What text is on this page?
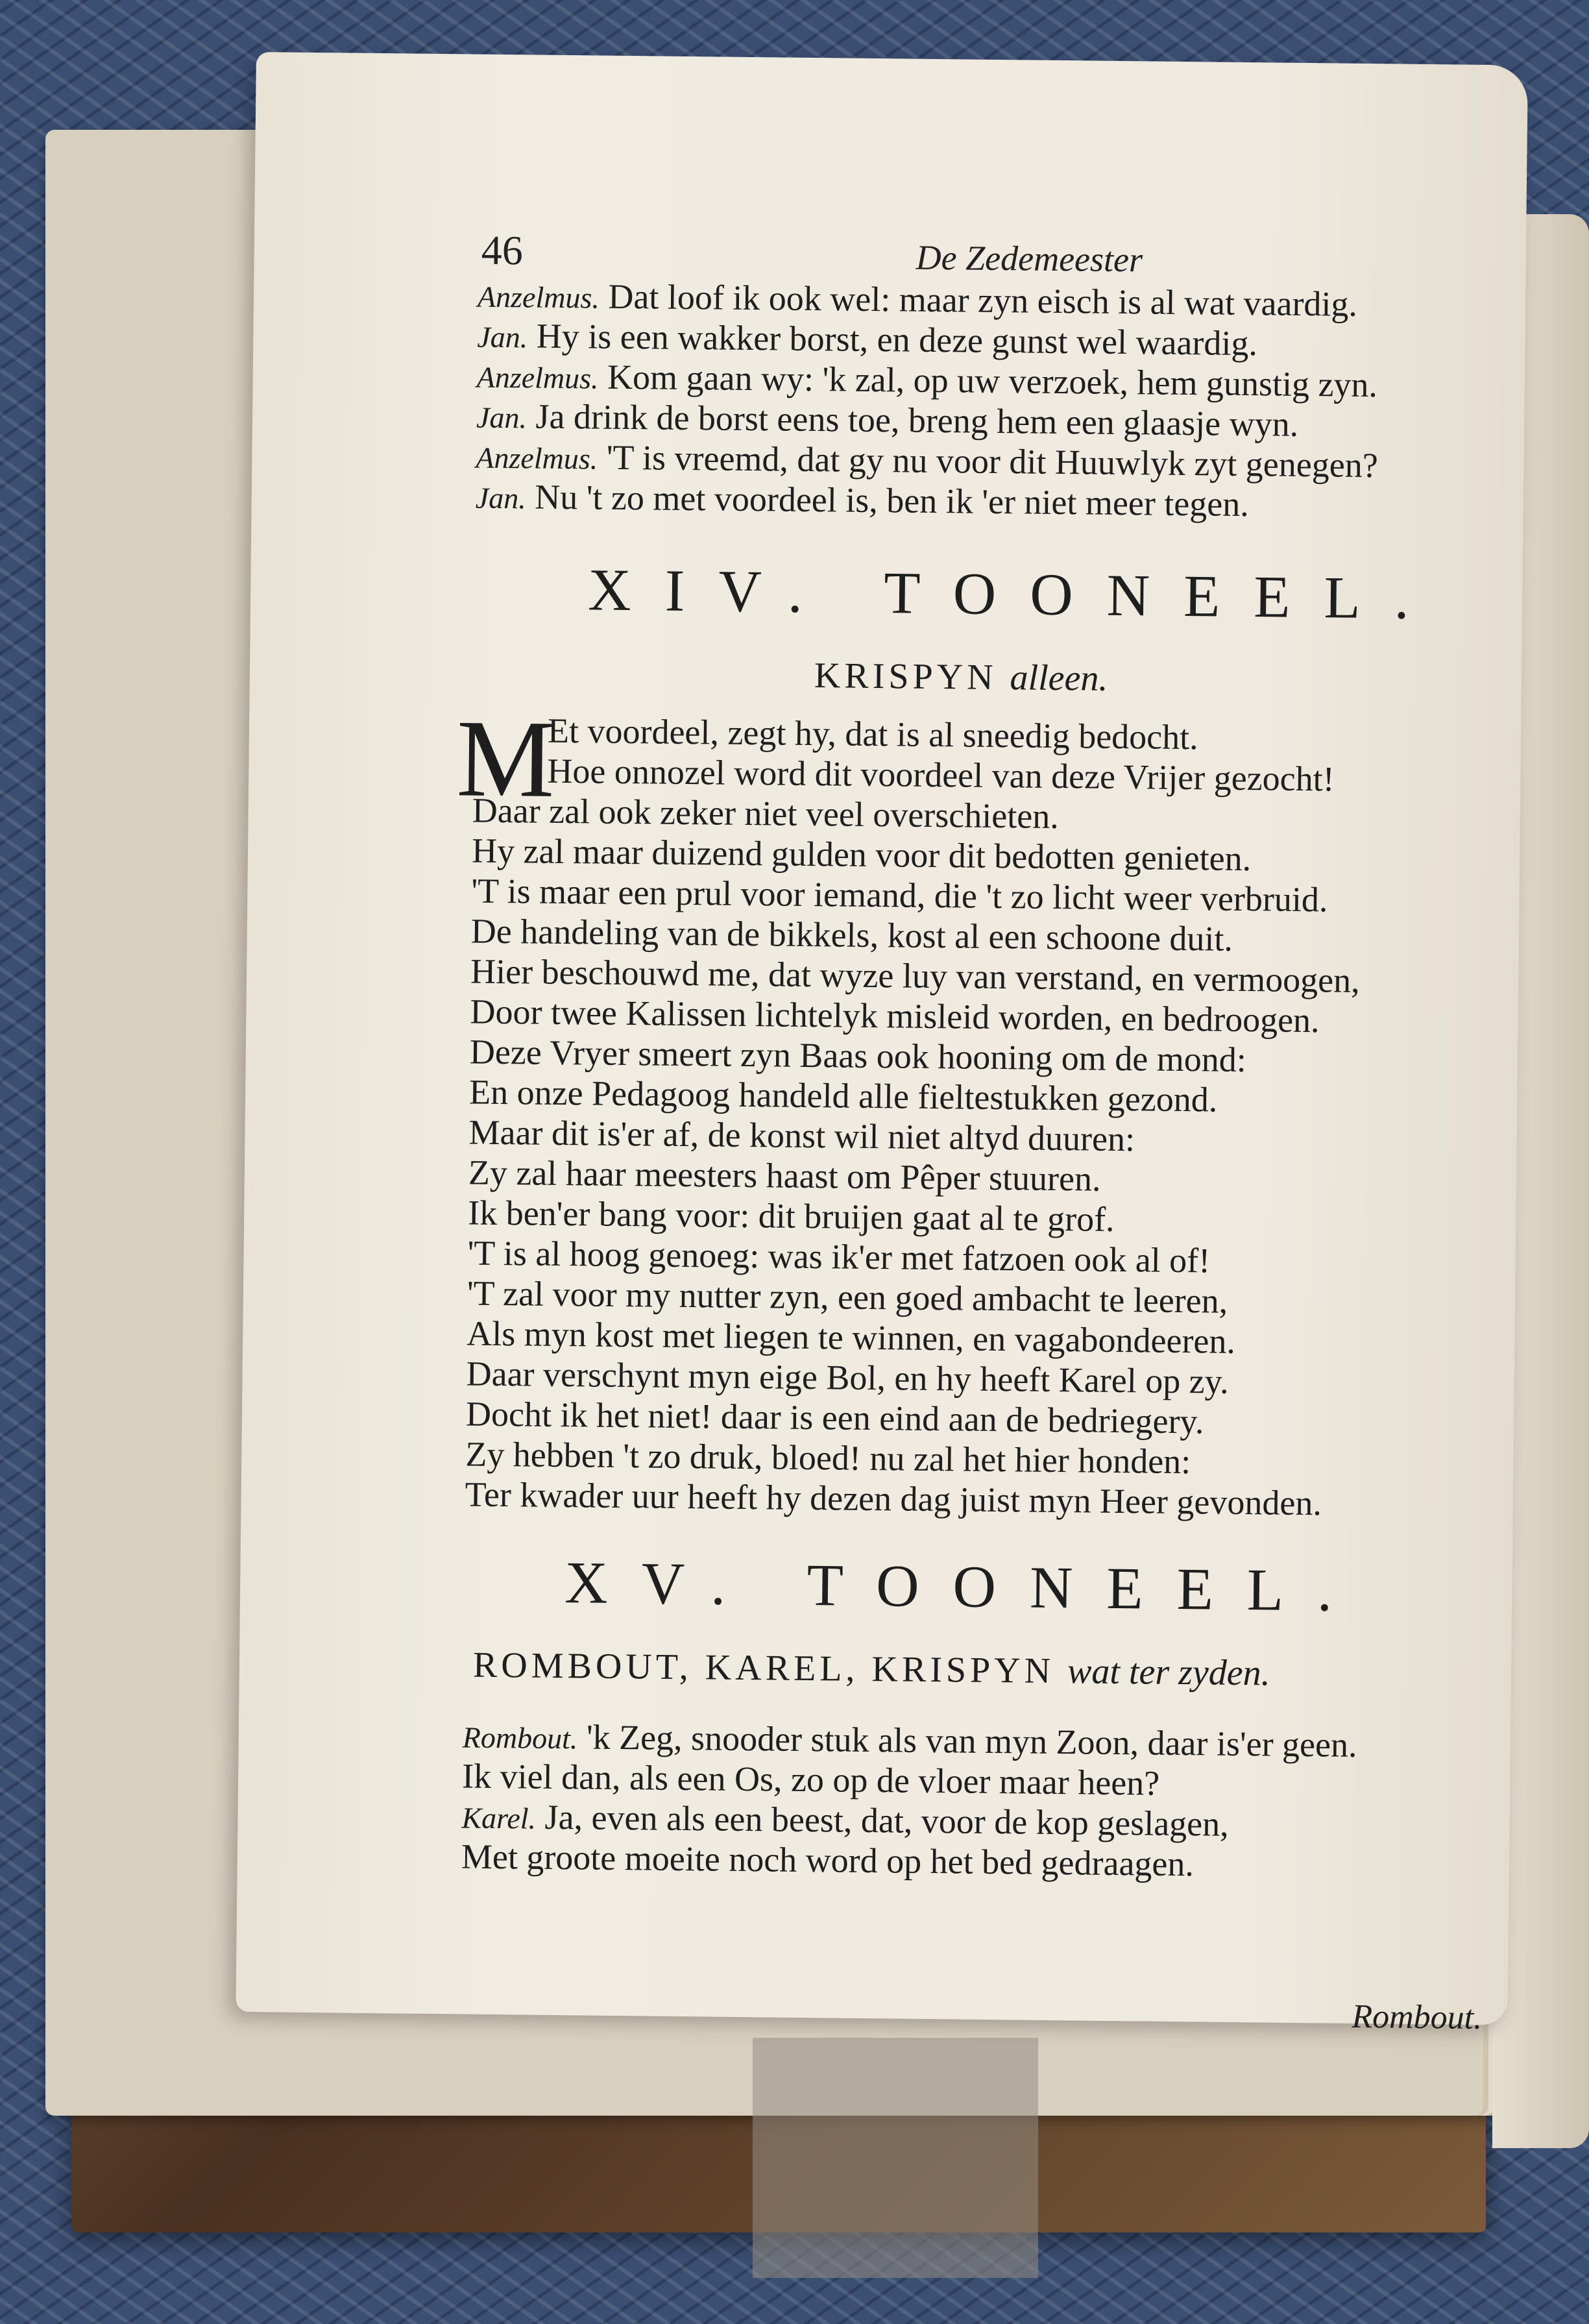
46	De Zedemeester
Anzelmus. Dat loof ik ook wel: maar zyn eisch is al wat vaardig.
Jan. Hy is een wakker borst, en deze gunst wel waardig.
Anzelmus. Kom gaan wy: 'k zal, op uw verzoek, hem gunstig zyn.
Jan. Ja drink de borst eens toe, breng hem een glaasje wyn.
Anzelmus. 'T is vreemd, dat gy nu voor dit Huuwlyk zyt genegen?
Jan. Nu 't zo met voordeel is, ben ik 'er niet meer tegen.
XIV. TOONEEL.
KRISPYN alleen.
M
Et voordeel, zegt hy, dat is al sneedig bedocht.
Hoe onnozel word dit voordeel van deze Vrijer gezocht!
Daar zal ook zeker niet veel overschieten.
Hy zal maar duizend gulden voor dit bedotten genieten.
'T is maar een prul voor iemand, die 't zo licht weer verbruid.
De handeling van de bikkels, kost al een schoone duit.
Hier beschouwd me, dat wyze luy van verstand, en vermoogen,
Door twee Kalissen lichtelyk misleid worden, en bedroogen.
Deze Vryer smeert zyn Baas ook hooning om de mond:
En onze Pedagoog handeld alle fieltestukken gezond.
Maar dit is'er af, de konst wil niet altyd duuren:
Zy zal haar meesters haast om Pêper stuuren.
Ik ben'er bang voor: dit bruijen gaat al te grof.
'T is al hoog genoeg: was ik'er met fatzoen ook al of!
'T zal voor my nutter zyn, een goed ambacht te leeren,
Als myn kost met liegen te winnen, en vagabondeeren.
Daar verschynt myn eige Bol, en hy heeft Karel op zy.
Docht ik het niet! daar is een eind aan de bedriegery.
Zy hebben 't zo druk, bloed! nu zal het hier honden:
Ter kwader uur heeft hy dezen dag juist myn Heer gevonden.
XV. TOONEEL.
ROMBOUT, KAREL, KRISPYN wat ter zyden.
Rombout. 'k Zeg, snooder stuk als van myn Zoon, daar is'er geen.
Ik viel dan, als een Os, zo op de vloer maar heen?
Karel. Ja, even als een beest, dat, voor de kop geslagen,
Met groote moeite noch word op het bed gedraagen.
Rombout.
